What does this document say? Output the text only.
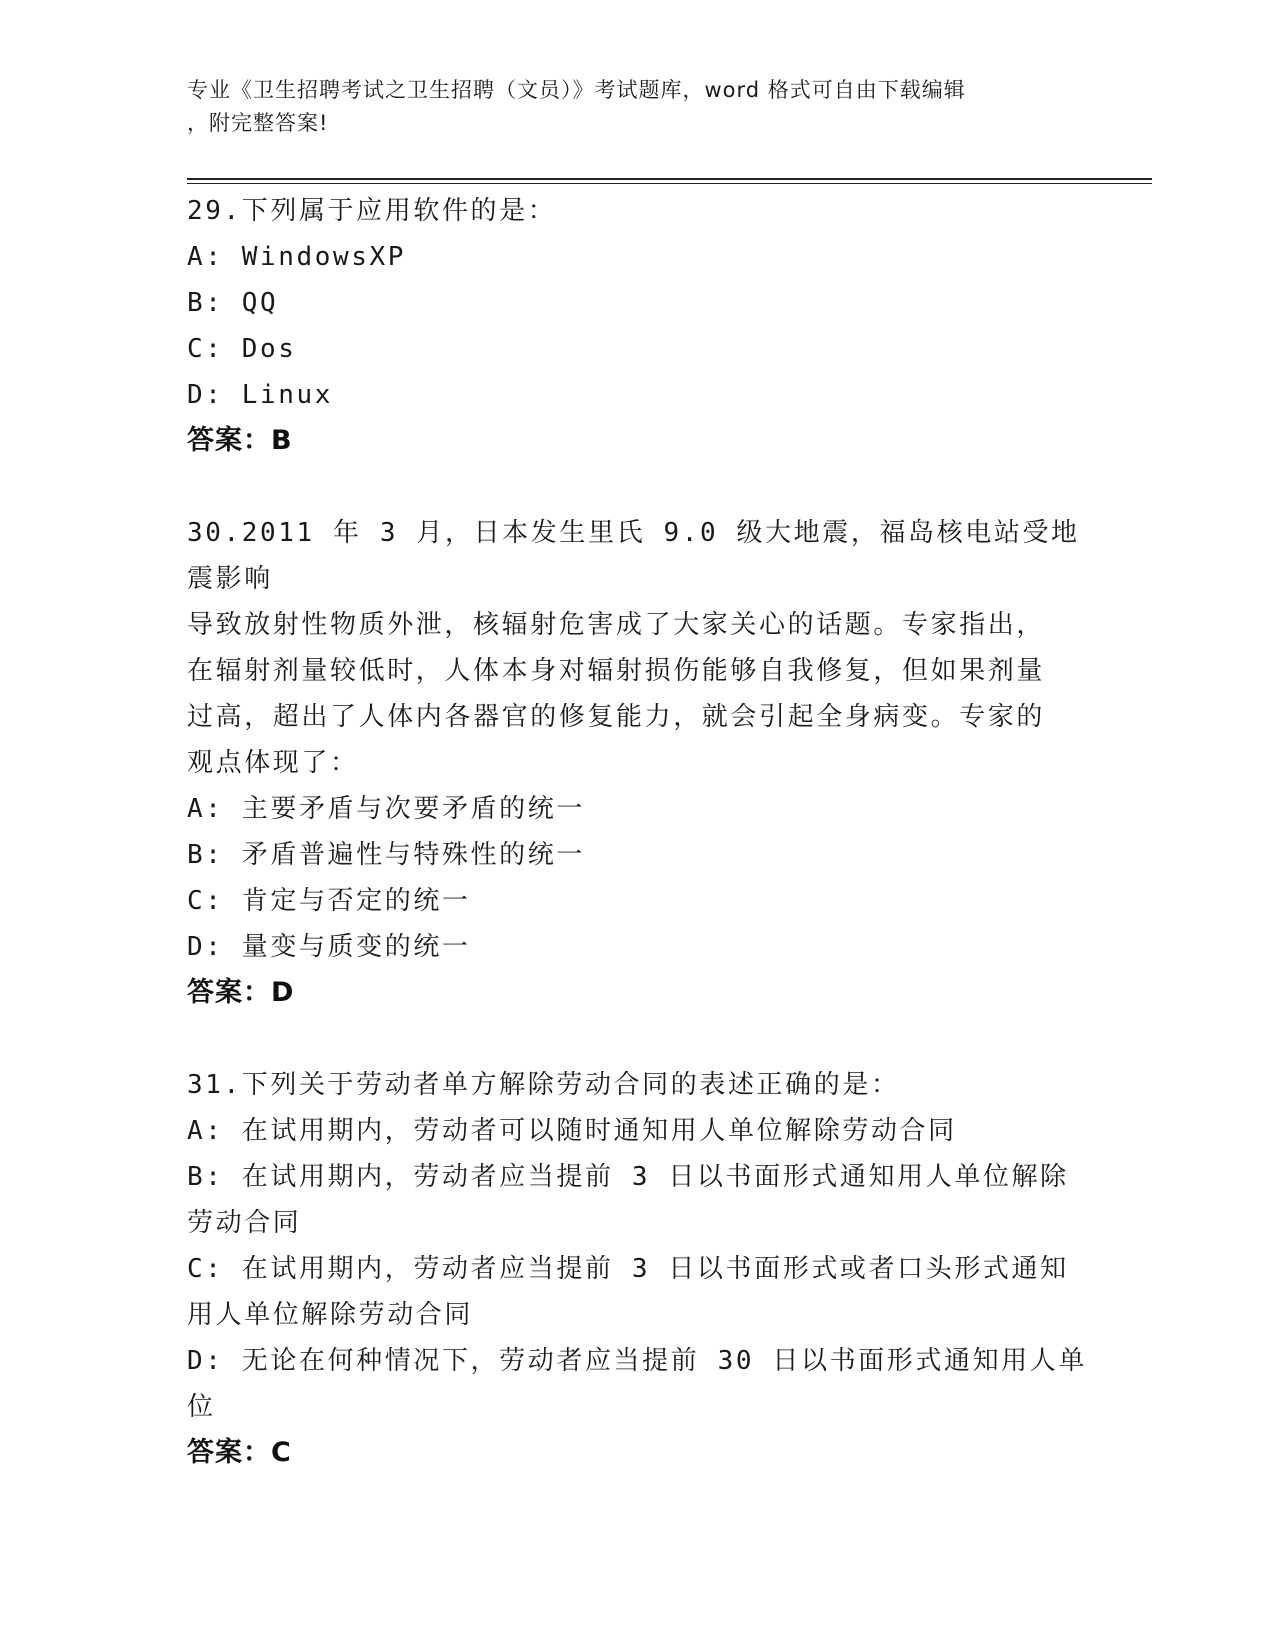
专业《卫生招聘考试之卫生招聘（文员）》考试题库，word 格式可自由下载编辑
，附完整答案!
29.下列属于应用软件的是：
A: WindowsXP
B: QQ
C: Dos
D: Linux
答案：B
30.2011 年 3 月，日本发生里氏 9.0 级大地震，福岛核电站受地震影响
导致放射性物质外泄，核辐射危害成了大家关心的话题。专家指出，
在辐射剂量较低时，人体本身对辐射损伤能够自我修复，但如果剂量
过高，超出了人体内各器官的修复能力，就会引起全身病变。专家的
观点体现了：
A: 主要矛盾与次要矛盾的统一
B: 矛盾普遍性与特殊性的统一
C: 肯定与否定的统一
D: 量变与质变的统一
答案：D
31.下列关于劳动者单方解除劳动合同的表述正确的是：
A: 在试用期内，劳动者可以随时通知用人单位解除劳动合同
B: 在试用期内，劳动者应当提前 3 日以书面形式通知用人单位解除劳动合同
C: 在试用期内，劳动者应当提前 3 日以书面形式或者口头形式通知用人单位解除劳动合同
D: 无论在何种情况下，劳动者应当提前 30 日以书面形式通知用人单位
答案：C
